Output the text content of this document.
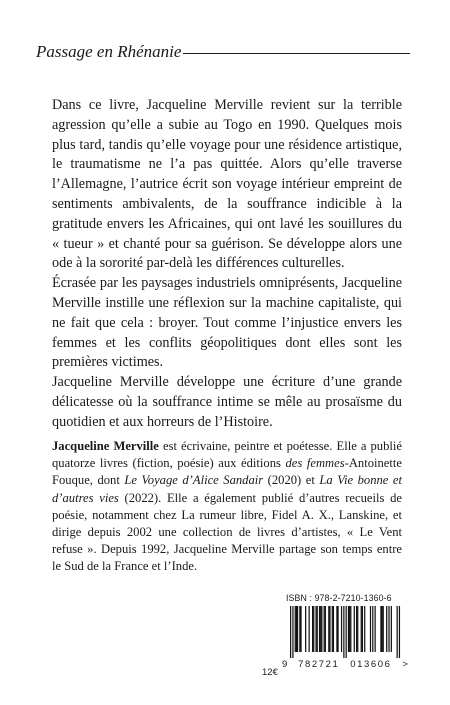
Passage en Rhénanie

Dans ce livre, Jacqueline Merville revient sur la terrible agression qu’elle a subie au Togo en 1990. Quelques mois plus tard, tandis qu’elle voyage pour une résidence artistique, le traumatisme ne l’a pas quittée. Alors qu’elle traverse l’Allemagne, l’autrice écrit son voyage intérieur empreint de sentiments ambivalents, de la souffrance indicible à la gratitude envers les Africaines, qui ont lavé les souillures du « tueur » et chanté pour sa guérison. Se développe alors une ode à la sororité par-delà les différences culturelles.

Écrasée par les paysages industriels omniprésents, Jacqueline Merville instille une réflexion sur la machine capitaliste, qui ne fait que cela : broyer. Tout comme l’injustice envers les femmes et les conflits géopolitiques dont elles sont les premières victimes.

Jacqueline Merville développe une écriture d’une grande délicatesse où la souffrance intime se mêle au prosaïsme du quotidien et aux horreurs de l’Histoire.

Jacqueline Merville est écrivaine, peintre et poétesse. Elle a publié quatorze livres (fiction, poésie) aux éditions des femmes-Antoinette Fouque, dont Le Voyage d’Alice Sandair (2020) et La Vie bonne et d’autres vies (2022). Elle a également publié d’autres recueils de poésie, notamment chez La rumeur libre, Fidel A. X., Lanskine, et dirige depuis 2002 une collection de livres d’artistes, « Le Vent refuse ». Depuis 1992, Jacqueline Merville partage son temps entre le Sud de la France et l’Inde.

ISBN : 978-2-7210-1360-6
9 782721 013606 >
12€
